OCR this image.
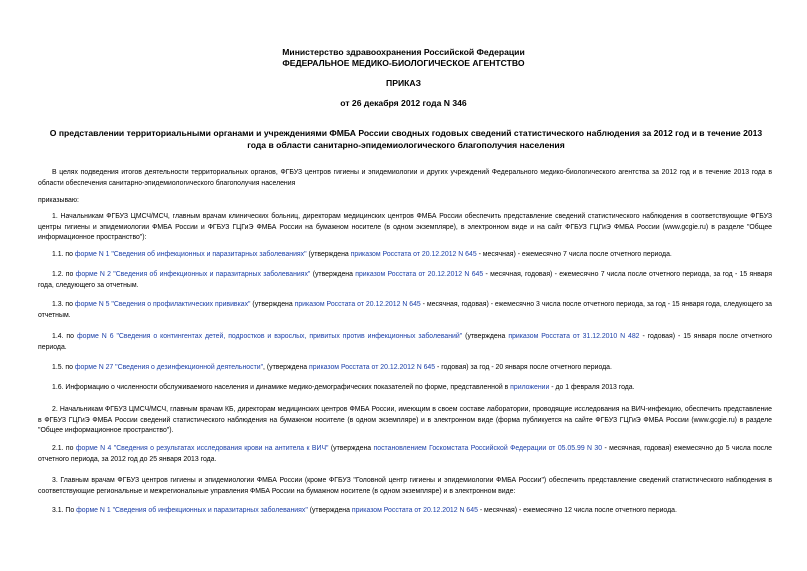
Министерство здравоохранения Российской Федерации
ФЕДЕРАЛЬНОЕ МЕДИКО-БИОЛОГИЧЕСКОЕ АГЕНТСТВО
ПРИКАЗ
от 26 декабря 2012 года N 346
О представлении территориальными органами и учреждениями ФМБА России сводных годовых сведений статистического наблюдения за 2012 год и в течение 2013 года в области санитарно-эпидемиологического благополучия населения

В целях подведения итогов деятельности территориальных органов, ФГБУЗ центров гигиены и эпидемиологии и других учреждений Федерального медико-биологического агентства за 2012 год и в течение 2013 года в области обеспечения санитарно-эпидемиологического благополучия населения

приказываю:

1. Начальникам ФГБУЗ ЦМСЧ/МСЧ, главным врачам клинических больниц, директорам медицинских центров ФМБА России обеспечить представление сведений статистического наблюдения в соответствующие ФГБУЗ центры гигиены и эпидемиологии ФМБА России и ФГБУЗ ГЦГиЭ ФМБА России на бумажном носителе (в одном экземпляре), в электронном виде и на сайт ФГБУЗ ГЦГиЭ ФМБА России (www.gcgie.ru) в разделе "Общее информационное пространство"):

1.1. по форме N 1 "Сведения об инфекционных и паразитарных заболеваниях" (утверждена приказом Росстата от 20.12.2012 N 645 - месячная) - ежемесячно 7 числа после отчетного периода.

1.2. по форме N 2 "Сведения об инфекционных и паразитарных заболеваниях" (утверждена приказом Росстата от 20.12.2012 N 645 - месячная, годовая) - ежемесячно 7 числа после отчетного периода, за год - 15 января года, следующего за отчетным.

1.3. по форме N 5 "Сведения о профилактических прививках" (утверждена приказом Росстата от 20.12.2012 N 645 - месячная, годовая) - ежемесячно 3 числа после отчетного периода, за год - 15 января года, следующего за отчетным.

1.4. по форме N 6 "Сведения о контингентах детей, подростков и взрослых, привитых против инфекционных заболеваний" (утверждена приказом Росстата от 31.12.2010 N 482 - годовая) - 15 января после отчетного периода.

1.5. по форме N 27 "Сведения о дезинфекционной деятельности", (утверждена приказом Росстата от 20.12.2012 N 645 - годовая) за год - 20 января после отчетного периода.

1.6. Информацию о численности обслуживаемого населения и динамике медико-демографических показателей по форме, представленной в приложении - до 1 февраля 2013 года.

2. Начальникам ФГБУЗ ЦМСЧ/МСЧ, главным врачам КБ, директорам медицинских центров ФМБА России, имеющим в своем составе лаборатории, проводящие исследования на ВИЧ-инфекцию, обеспечить представление в ФГБУЗ ГЦГиЭ ФМБА России сведений статистического наблюдения на бумажном носителе (в одном экземпляре) и в электронном виде (форма публикуется на сайте ФГБУЗ ГЦГиЭ ФМБА России (www.gcgie.ru) в разделе "Общее информационное пространство").

2.1. по форме N 4 "Сведения о результатах исследования крови на антитела к ВИЧ" (утверждена постановлением Госкомстата Российской Федерации от 05.05.99 N 30 - месячная, годовая) ежемесячно до 5 числа после отчетного периода, за 2012 год до 25 января 2013 года.

3. Главным врачам ФГБУЗ центров гигиены и эпидемиологии ФМБА России (кроме ФГБУЗ "Головной центр гигиены и эпидемиологии ФМБА России") обеспечить представление сведений статистического наблюдения в соответствующие региональные и межрегиональные управления ФМБА России на бумажном носителе (в одном экземпляре) и в электронном виде:

3.1. По форме N 1 "Сведения об инфекционных и паразитарных заболеваниях" (утверждена приказом Росстата от 20.12.2012 N 645 - месячная) - ежемесячно 12 числа после отчетного периода.
